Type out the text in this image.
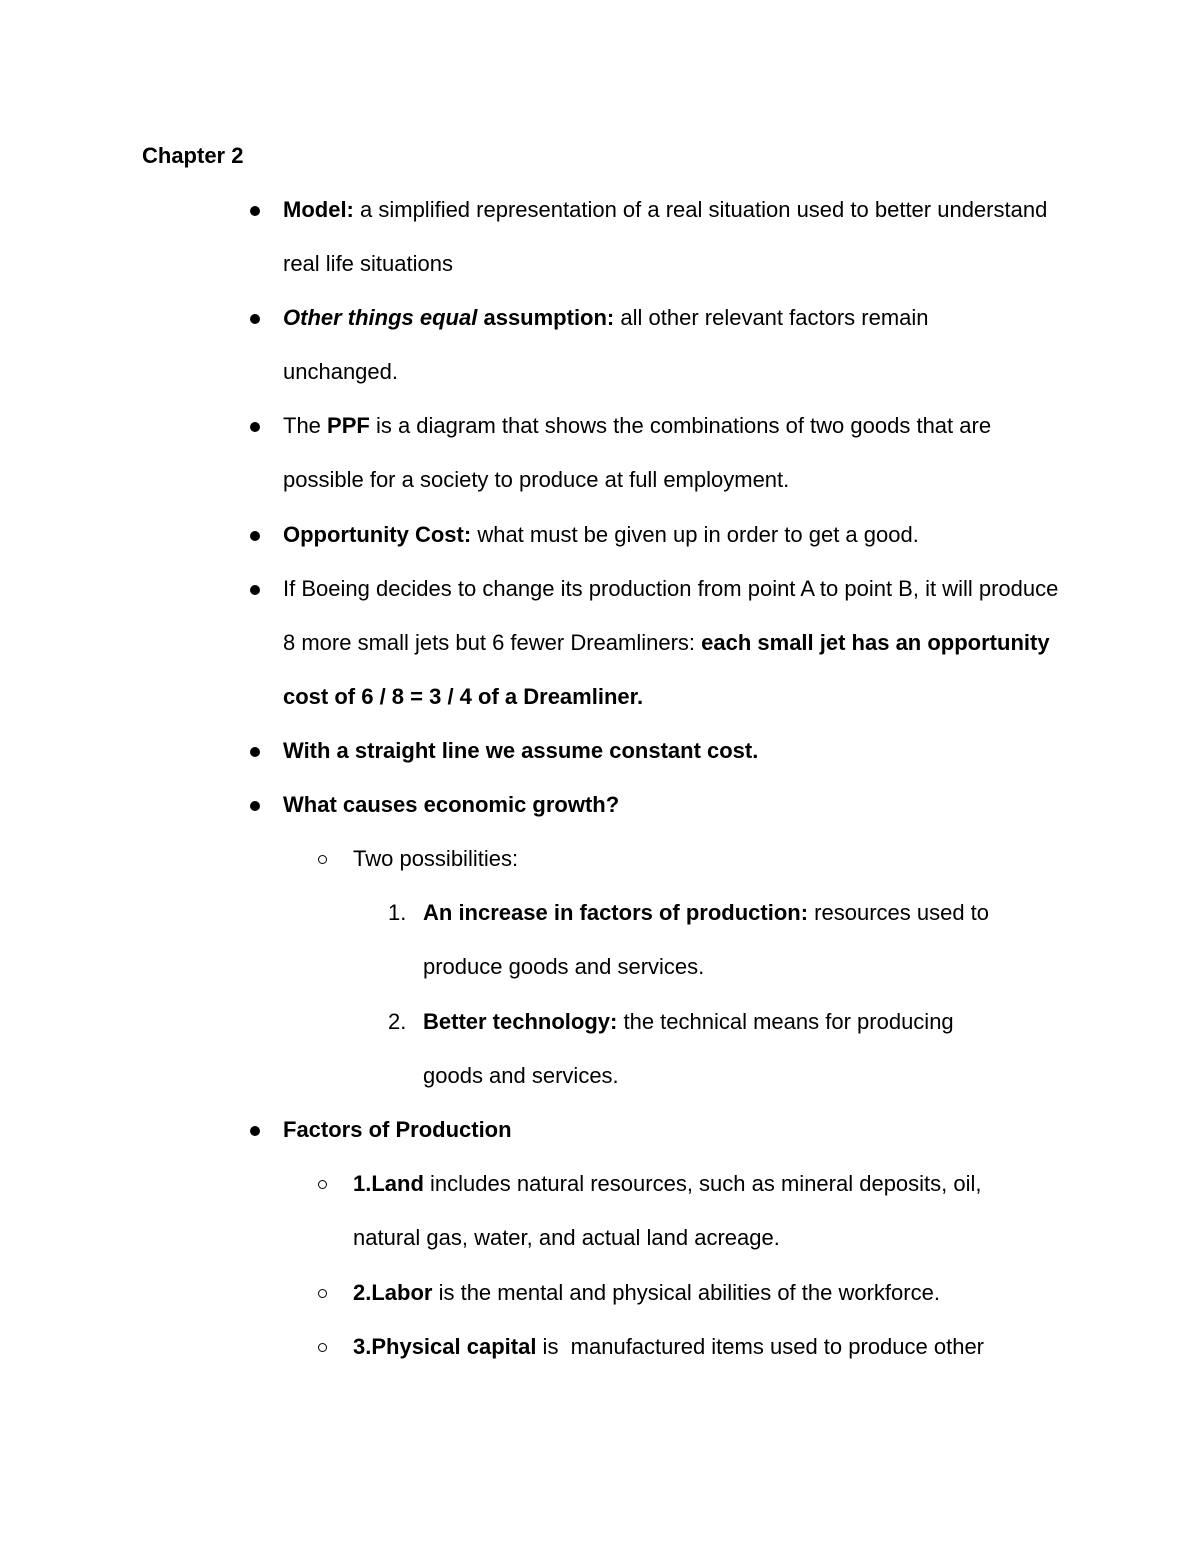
Chapter 2
Model: a simplified representation of a real situation used to better understand real life situations
Other things equal assumption: all other relevant factors remain unchanged.
The PPF is a diagram that shows the combinations of two goods that are possible for a society to produce at full employment.
Opportunity Cost: what must be given up in order to get a good.
If Boeing decides to change its production from point A to point B, it will produce 8 more small jets but 6 fewer Dreamliners: each small jet has an opportunity cost of 6 / 8 = 3 / 4 of a Dreamliner.
With a straight line we assume constant cost.
What causes economic growth?
Two possibilities:
1. An increase in factors of production: resources used to produce goods and services.
2. Better technology: the technical means for producing goods and services.
Factors of Production
1.Land includes natural resources, such as mineral deposits, oil, natural gas, water, and actual land acreage.
2.Labor is the mental and physical abilities of the workforce.
3.Physical capital is  manufactured items used to produce other
